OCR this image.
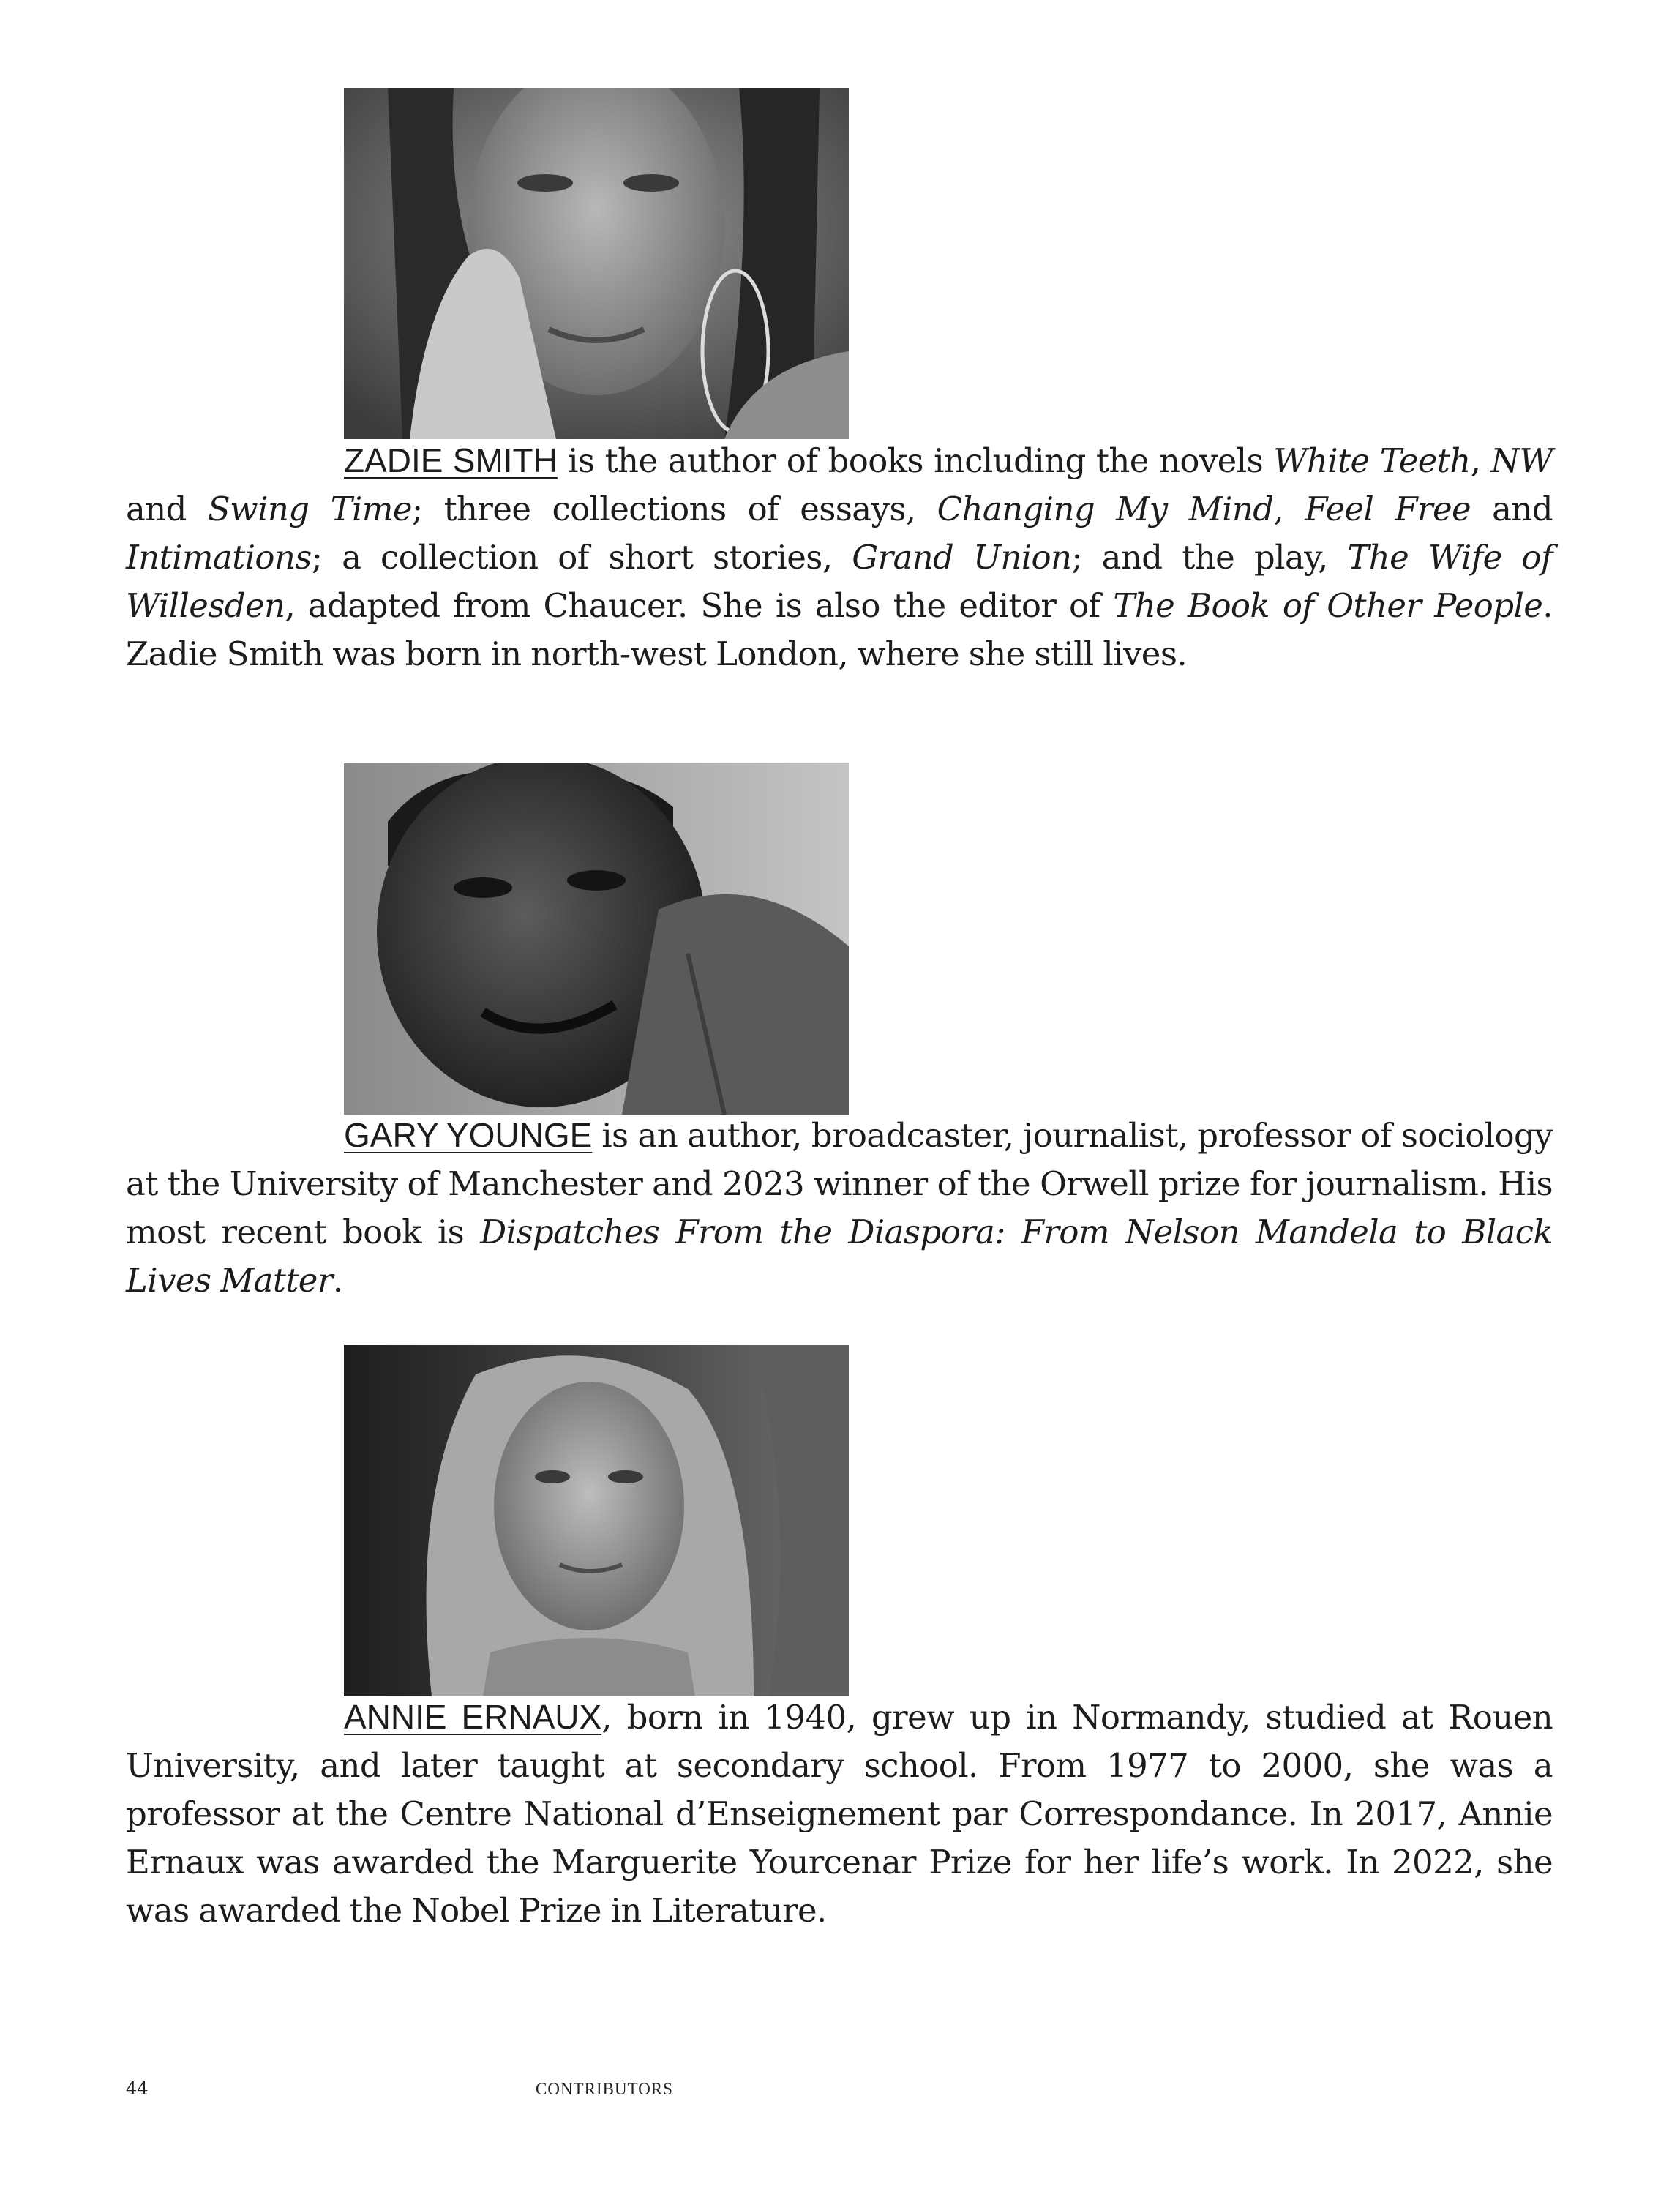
ZADIE SMITH is the author of books including the novels White Teeth, NW and Swing Time; three collections of essays, Changing My Mind, Feel Free and Intimations; a collection of short stories, Grand Union; and the play, The Wife of Willesden, adapted from Chaucer. She is also the editor of The Book of Other People. Zadie Smith was born in north-west London, where she still lives.

GARY YOUNGE is an author, broadcaster, journalist, professor of sociology at the University of Manchester and 2023 winner of the Orwell prize for journalism. His most recent book is Dispatches From the Diaspora: From Nelson Mandela to Black Lives Matter.

ANNIE ERNAUX, born in 1940, grew up in Normandy, studied at Rouen University, and later taught at secondary school. From 1977 to 2000, she was a professor at the Centre National d’Enseignement par Correspondance. In 2017, Annie Ernaux was awarded the Marguerite Yourcenar Prize for her life’s work. In 2022, she was awarded the Nobel Prize in Literature.

44	CONTRIBUTORS
